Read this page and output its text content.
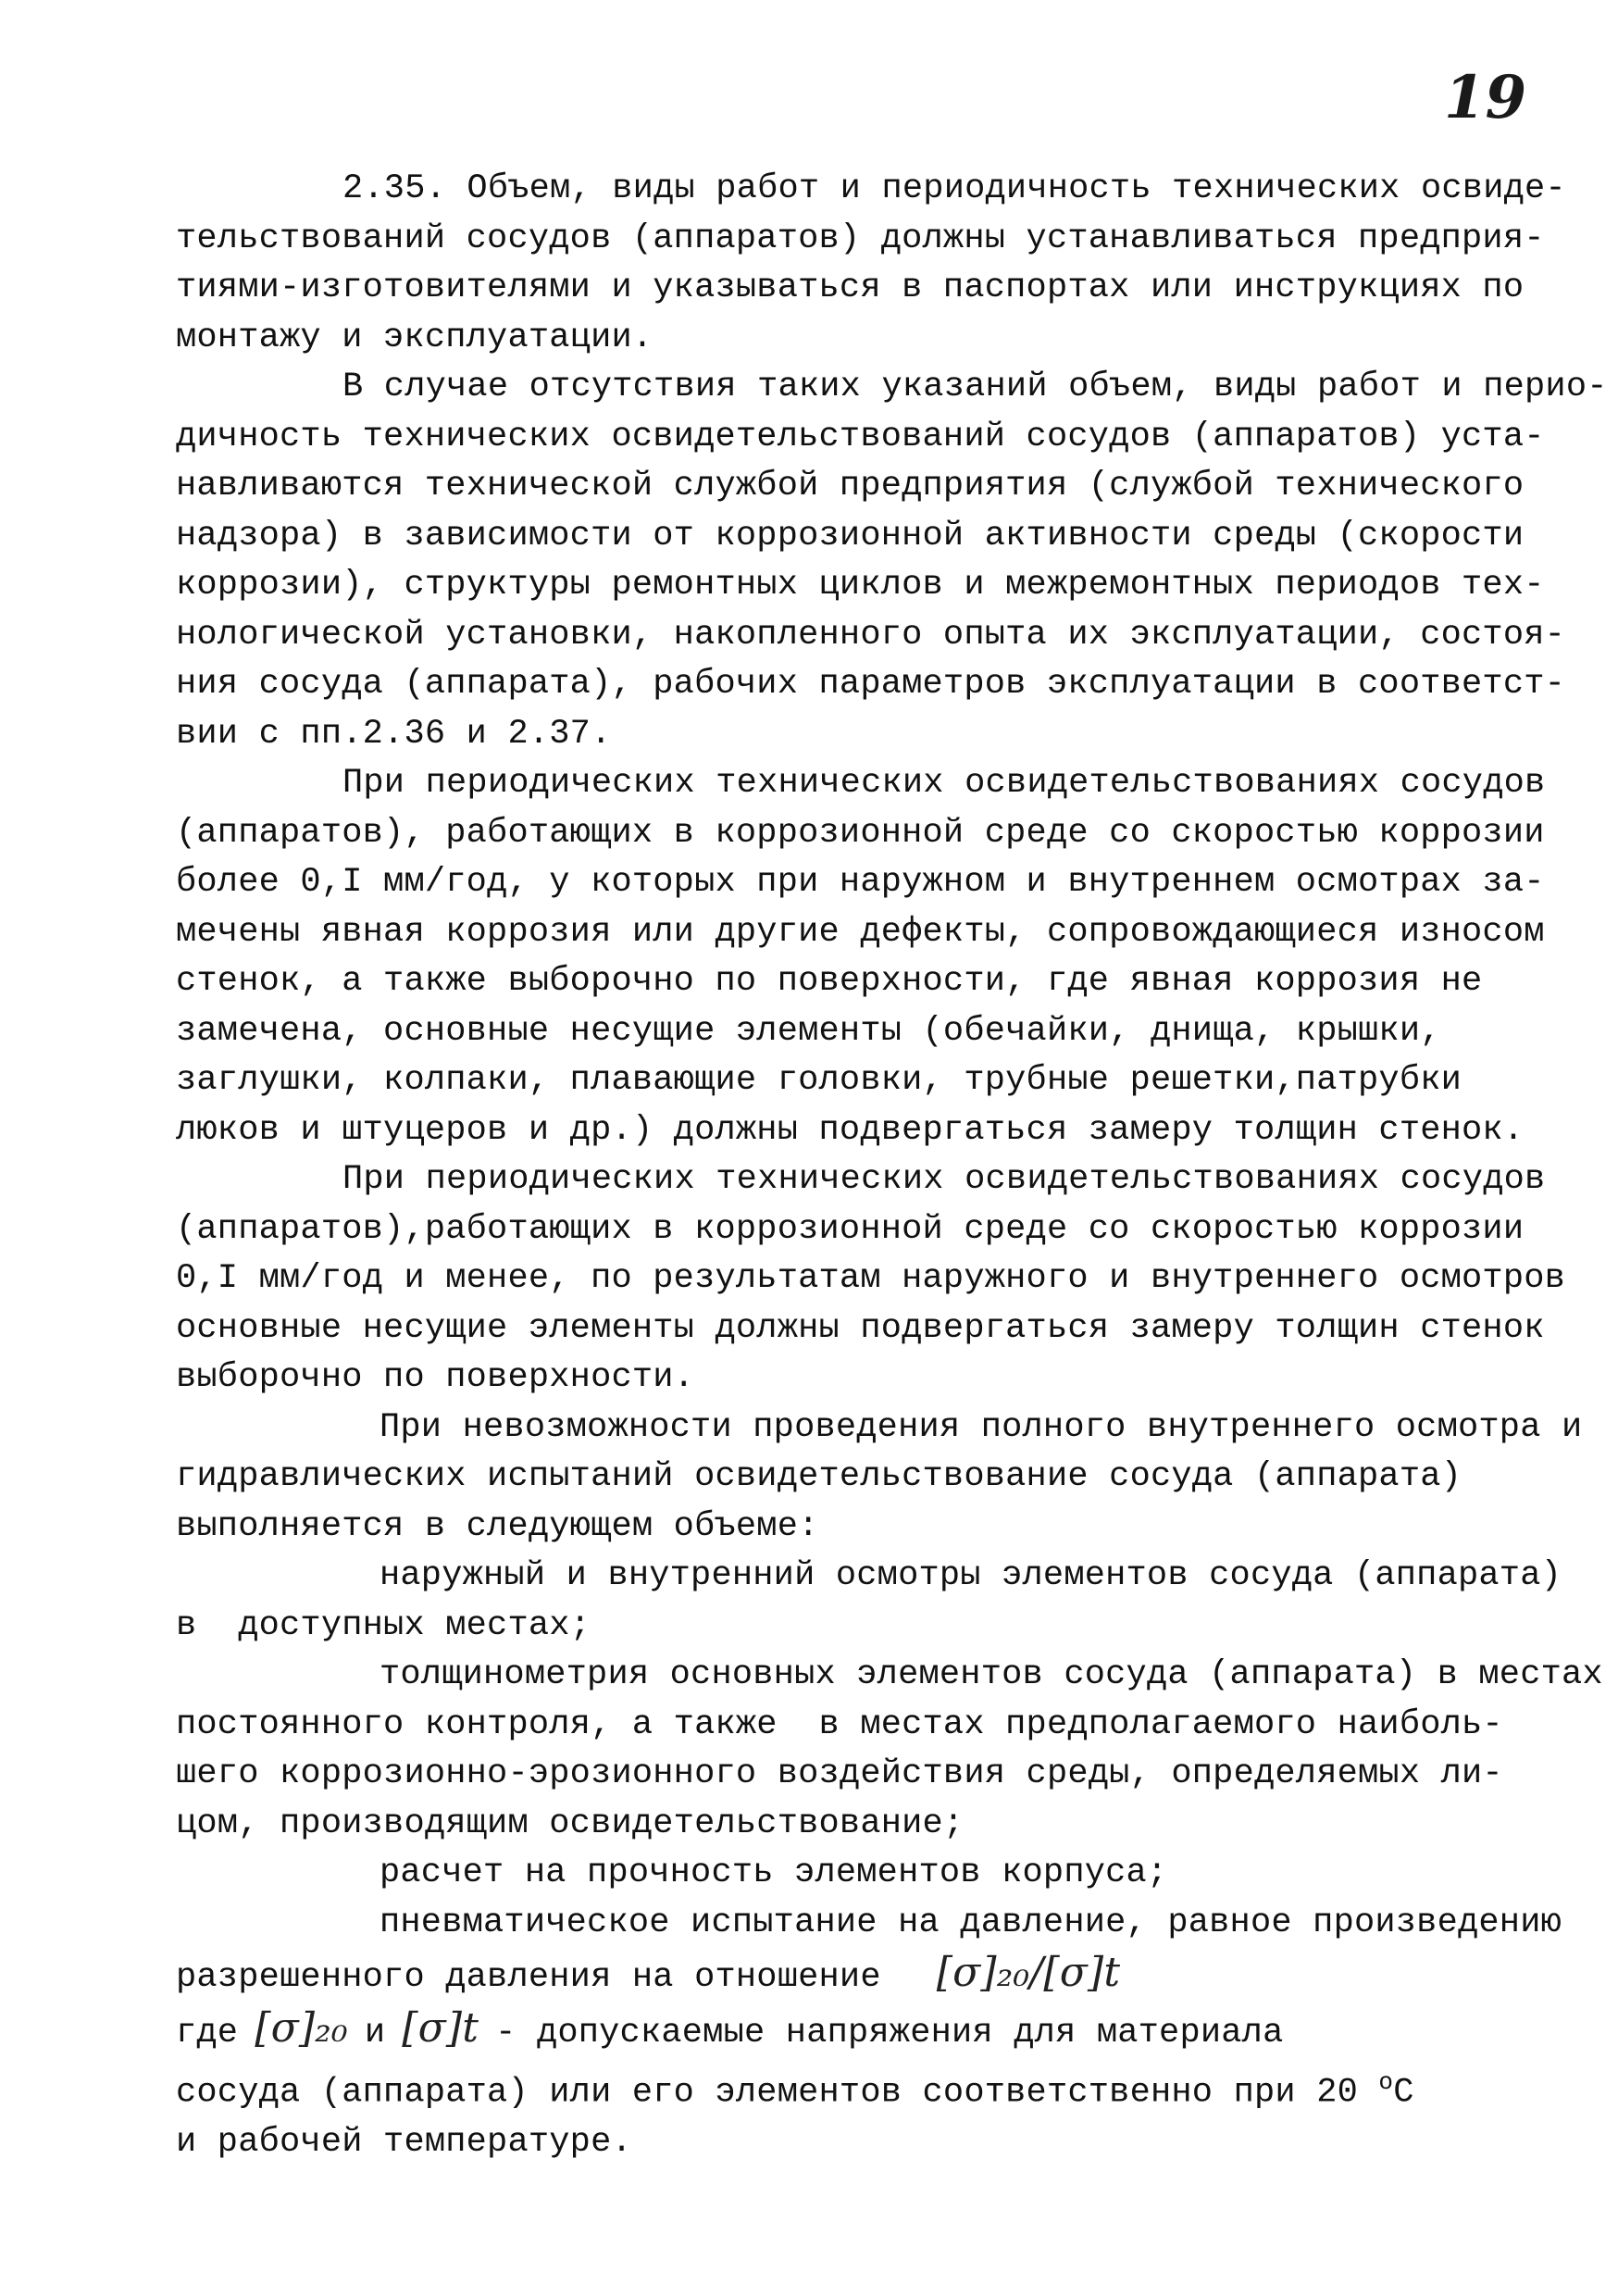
19
2.35. Объем, виды работ и периодичность технических освиде-
тельствований сосудов (аппаратов) должны устанавливаться предприя-
тиями-изготовителями и указываться в паспортах или инструкциях по
монтажу и эксплуатации.
В случае отсутствия таких указаний объем, виды работ и перио-
дичность технических освидетельствований сосудов (аппаратов) уста-
навливаются технической службой предприятия (службой технического
надзора) в зависимости от коррозионной активности среды (скорости
коррозии), структуры ремонтных циклов и межремонтных периодов тех-
нологической установки, накопленного опыта их эксплуатации, состоя-
ния сосуда (аппарата), рабочих параметров эксплуатации в соответст-
вии с пп.2.36 и 2.37.
При периодических технических освидетельствованиях сосудов
(аппаратов), работающих в коррозионной среде со скоростью коррозии
более 0,I мм/год, у которых при наружном и внутреннем осмотрах за-
мечены явная коррозия или другие дефекты, сопровождающиеся износом
стенок, а также выборочно по поверхности, где явная коррозия не
замечена, основные несущие элементы (обечайки, днища, крышки,
заглушки, колпаки, плавающие головки, трубные решетки,патрубки
люков и штуцеров и др.) должны подвергаться замеру толщин стенок.
При периодических технических освидетельствованиях сосудов
(аппаратов),работающих в коррозионной среде со скоростью коррозии
0,I мм/год и менее, по результатам наружного и внутреннего осмотров
основные несущие элементы должны подвергаться замеру толщин стенок
выборочно по поверхности.
При невозможности проведения полного внутреннего осмотра и
гидравлических испытаний освидетельствование сосуда (аппарата)
выполняется в следующем объеме:
наружный и внутренний осмотры элементов сосуда (аппарата)
в  доступных местах;
толщинометрия основных элементов сосуда (аппарата) в местах
постоянного контроля, а также  в местах предполагаемого наиболь-
шего коррозионно-эрозионного воздействия среды, определяемых ли-
цом, производящим освидетельствование;
расчет на прочность элементов корпуса;
пневматическое испытание на давление, равное произведению
разрешенного давления на отношение [σ]₂₀/[σ]t
где [σ]₂₀ и [σ]t - допускаемые напряжения для материала
сосуда (аппарата) или его элементов соответственно при 20 $^o$С
и рабочей температуре.
